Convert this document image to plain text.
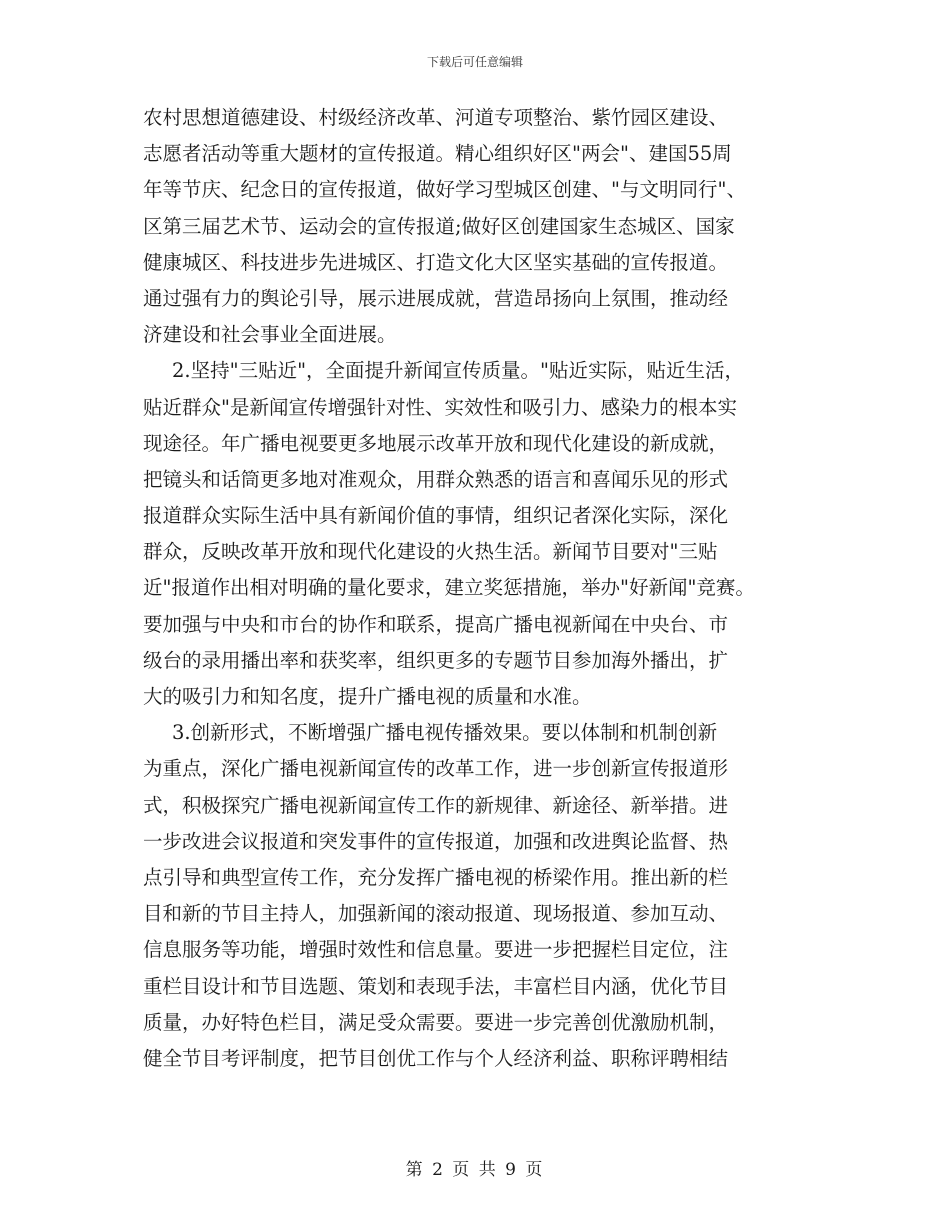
下载后可任意编辑
农村思想道德建设、村级经济改革、河道专项整治、紫竹园区建设、
志愿者活动等重大题材的宣传报道。精心组织好区"两会"、建国55周
年等节庆、纪念日的宣传报道，做好学习型城区创建、"与文明同行"、
区第三届艺术节、运动会的宣传报道;做好区创建国家生态城区、国家
健康城区、科技进步先进城区、打造文化大区坚实基础的宣传报道。
通过强有力的舆论引导，展示进展成就，营造昂扬向上氛围，推动经
济建设和社会事业全面进展。
2.坚持"三贴近"，全面提升新闻宣传质量。"贴近实际，贴近生活，
贴近群众"是新闻宣传增强针对性、实效性和吸引力、感染力的根本实
现途径。年广播电视要更多地展示改革开放和现代化建设的新成就，
把镜头和话筒更多地对准观众，用群众熟悉的语言和喜闻乐见的形式
报道群众实际生活中具有新闻价值的事情，组织记者深化实际，深化
群众，反映改革开放和现代化建设的火热生活。新闻节目要对"三贴
近"报道作出相对明确的量化要求，建立奖惩措施，举办"好新闻"竞赛。
要加强与中央和市台的协作和联系，提高广播电视新闻在中央台、市
级台的录用播出率和获奖率，组织更多的专题节目参加海外播出，扩
大的吸引力和知名度，提升广播电视的质量和水准。
3.创新形式，不断增强广播电视传播效果。要以体制和机制创新
为重点，深化广播电视新闻宣传的改革工作，进一步创新宣传报道形
式，积极探究广播电视新闻宣传工作的新规律、新途径、新举措。进
一步改进会议报道和突发事件的宣传报道，加强和改进舆论监督、热
点引导和典型宣传工作，充分发挥广播电视的桥梁作用。推出新的栏
目和新的节目主持人，加强新闻的滚动报道、现场报道、参加互动、
信息服务等功能，增强时效性和信息量。要进一步把握栏目定位，注
重栏目设计和节目选题、策划和表现手法，丰富栏目内涵，优化节目
质量，办好特色栏目，满足受众需要。要进一步完善创优激励机制，
健全节目考评制度，把节目创优工作与个人经济利益、职称评聘相结
第 2 页 共 9 页
